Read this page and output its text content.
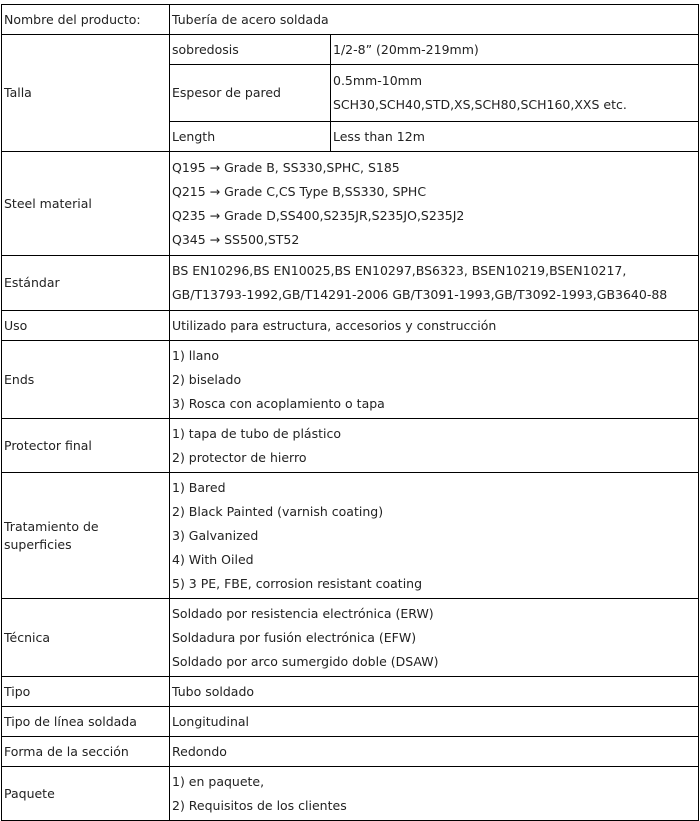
Nombre del producto:	Tubería de acero soldada	

Talla	sobredosis	1/2-8” (20mm-219mm)

	Espesor de pared	0.5mm-10mm
SCH30,SCH40,STD,XS,SCH80,SCH160,XXS etc.

	Length	Less than 12m

Steel material	Q195 → Grade B, SS330,SPHC, S185
Q215 → Grade C,CS Type B,SS330, SPHC
Q235 → Grade D,SS400,S235JR,S235JO,S235J2
Q345 → SS500,ST52	

Estándar	BS EN10296,BS EN10025,BS EN10297,BS6323, BSEN10219,BSEN10217,
GB/T13793-1992,GB/T14291-2006 GB/T3091-1993,GB/T3092-1993,GB3640-88	

Uso	Utilizado para estructura, accesorios y construcción	

Ends	1) llano
2) biselado
3) Rosca con acoplamiento o tapa	

Protector final	1) tapa de tubo de plástico
2) protector de hierro	

Tratamiento de superficies	1) Bared
2) Black Painted (varnish coating)
3) Galvanized
4) With Oiled
5) 3 PE, FBE, corrosion resistant coating	

Técnica	Soldado por resistencia electrónica (ERW)
Soldadura por fusión electrónica (EFW)
Soldado por arco sumergido doble (DSAW)	

Tipo	Tubo soldado	

Tipo de línea soldada	Longitudinal	

Forma de la sección	Redondo	

Paquete	1) en paquete,
2) Requisitos de los clientes	
